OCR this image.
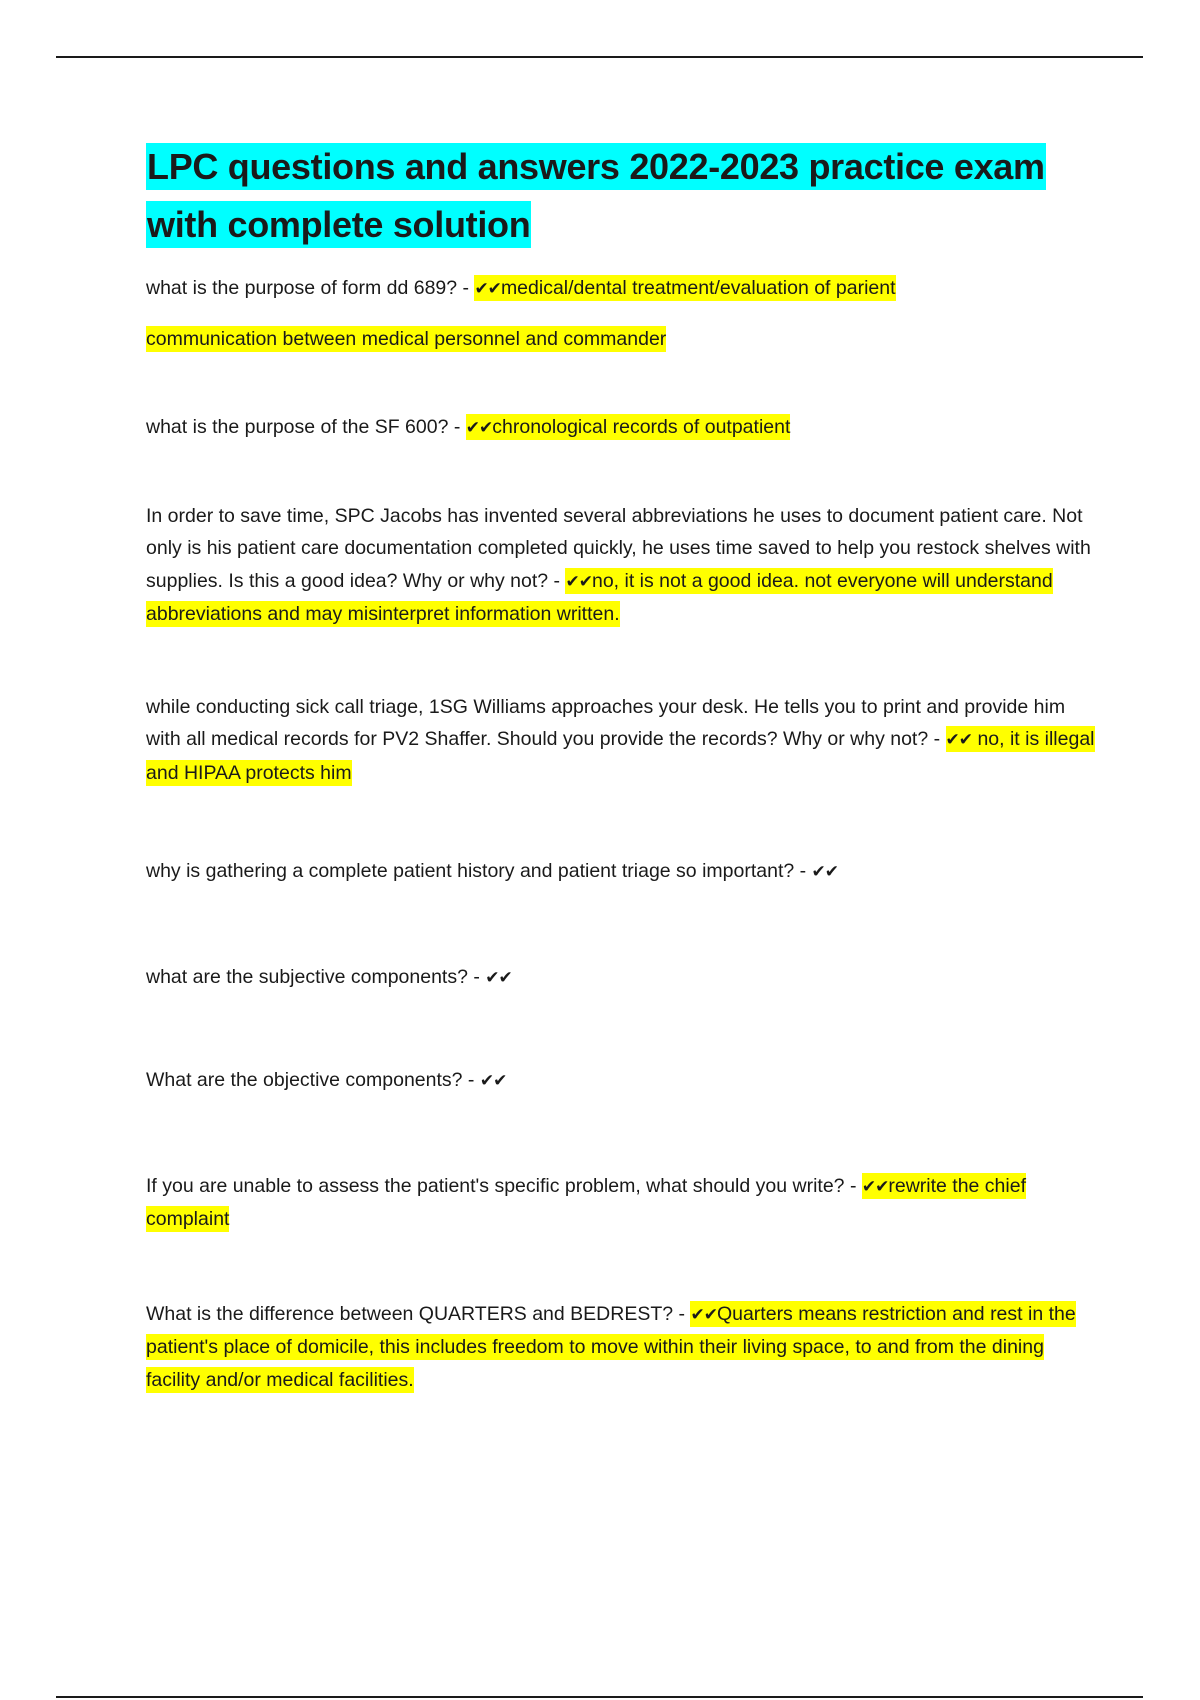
LPC questions and answers 2022-2023 practice exam with complete solution

what is the purpose of form dd 689? - ✔✔medical/dental treatment/evaluation of parient

communication between medical personnel and commander

what is the purpose of the SF 600? - ✔✔chronological records of outpatient

In order to save time, SPC Jacobs has invented several abbreviations he uses to document patient care. Not only is his patient care documentation completed quickly, he uses time saved to help you restock shelves with supplies. Is this a good idea? Why or why not? - ✔✔no, it is not a good idea. not everyone will understand abbreviations and may misinterpret information written.

while conducting sick call triage, 1SG Williams approaches your desk. He tells you to print and provide him with all medical records for PV2 Shaffer. Should you provide the records? Why or why not? - ✔✔ no, it is illegal and HIPAA protects him

why is gathering a complete patient history and patient triage so important? - ✔✔

what are the subjective components? - ✔✔

What are the objective components? - ✔✔

If you are unable to assess the patient's specific problem, what should you write? - ✔✔rewrite the chief complaint

What is the difference between QUARTERS and BEDREST? - ✔✔Quarters means restriction and rest in the patient's place of domicile, this includes freedom to move within their living space, to and from the dining facility and/or medical facilities.
